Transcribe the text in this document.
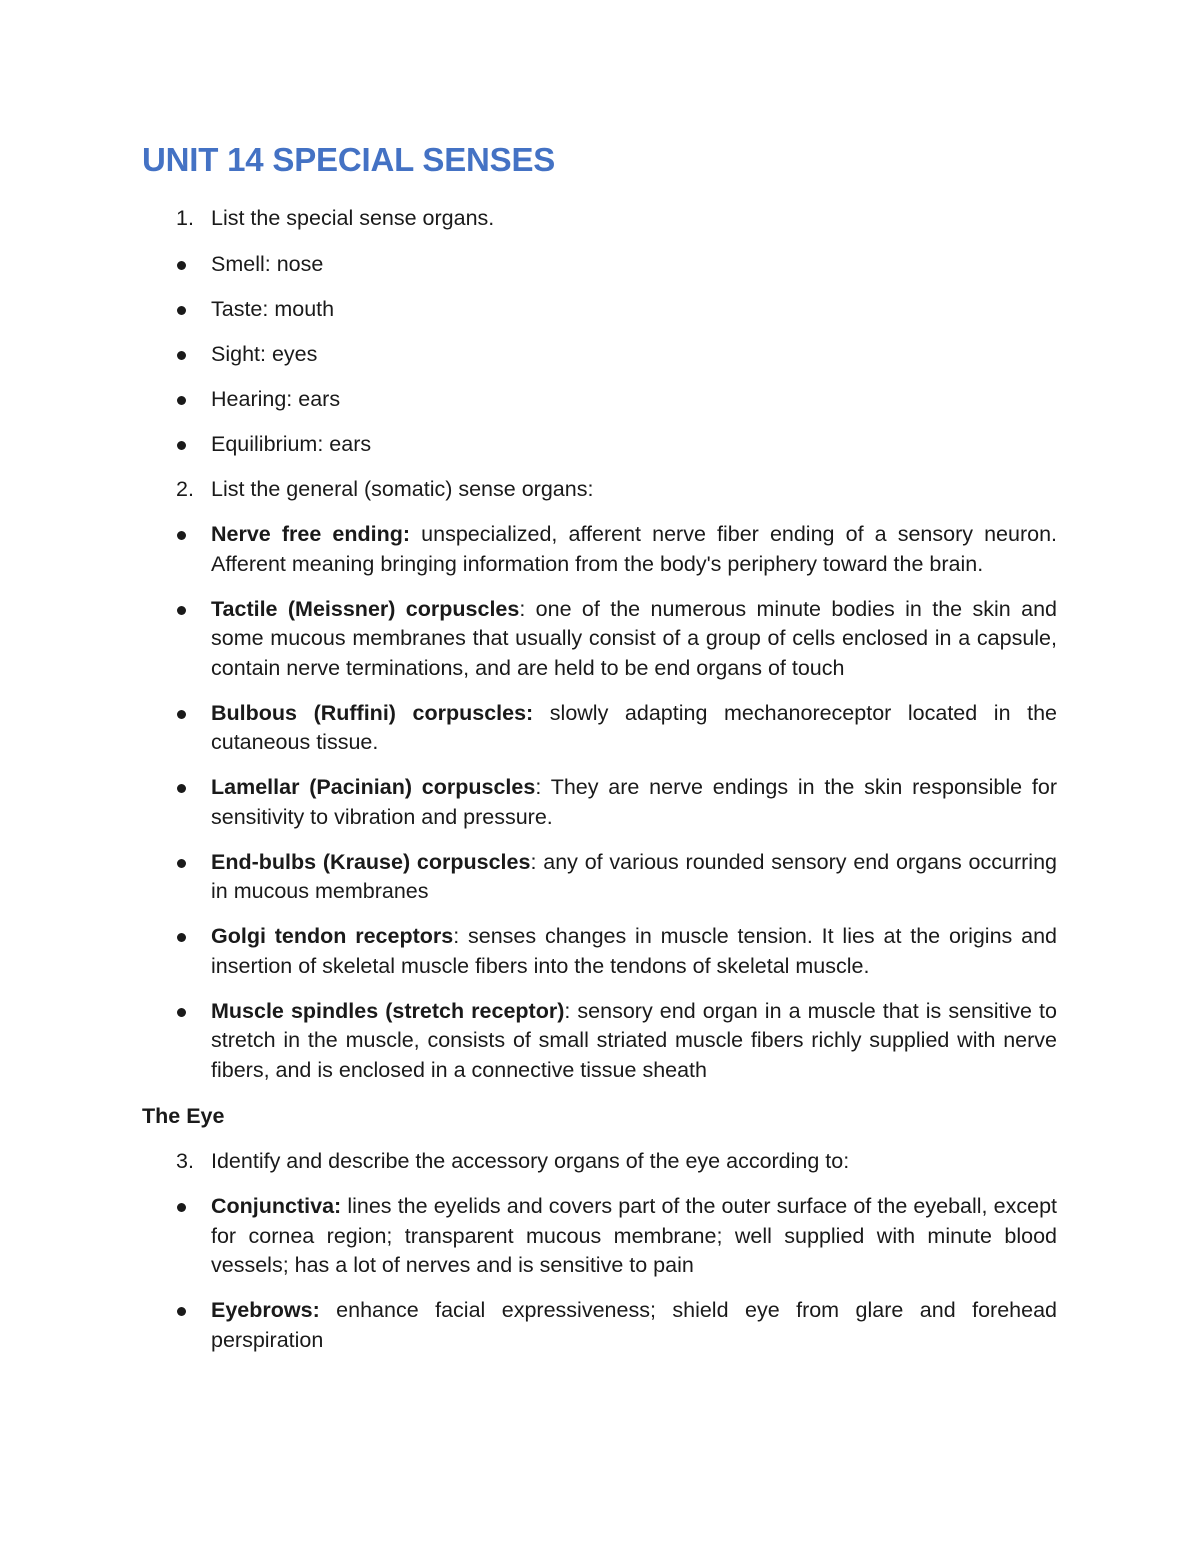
UNIT 14 SPECIAL SENSES
1. List the special sense organs.
Smell: nose
Taste: mouth
Sight: eyes
Hearing: ears
Equilibrium: ears
2. List the general (somatic) sense organs:
Nerve free ending: unspecialized, afferent nerve fiber ending of a sensory neuron. Afferent meaning bringing information from the body's periphery toward the brain.
Tactile (Meissner) corpuscles: one of the numerous minute bodies in the skin and some mucous membranes that usually consist of a group of cells enclosed in a capsule, contain nerve terminations, and are held to be end organs of touch
Bulbous (Ruffini) corpuscles: slowly adapting mechanoreceptor located in the cutaneous tissue.
Lamellar (Pacinian) corpuscles: They are nerve endings in the skin responsible for sensitivity to vibration and pressure.
End-bulbs (Krause) corpuscles: any of various rounded sensory end organs occurring in mucous membranes
Golgi tendon receptors: senses changes in muscle tension. It lies at the origins and insertion of skeletal muscle fibers into the tendons of skeletal muscle.
Muscle spindles (stretch receptor): sensory end organ in a muscle that is sensitive to stretch in the muscle, consists of small striated muscle fibers richly supplied with nerve fibers, and is enclosed in a connective tissue sheath
The Eye
3. Identify and describe the accessory organs of the eye according to:
Conjunctiva: lines the eyelids and covers part of the outer surface of the eyeball, except for cornea region; transparent mucous membrane; well supplied with minute blood vessels; has a lot of nerves and is sensitive to pain
Eyebrows: enhance facial expressiveness; shield eye from glare and forehead perspiration
